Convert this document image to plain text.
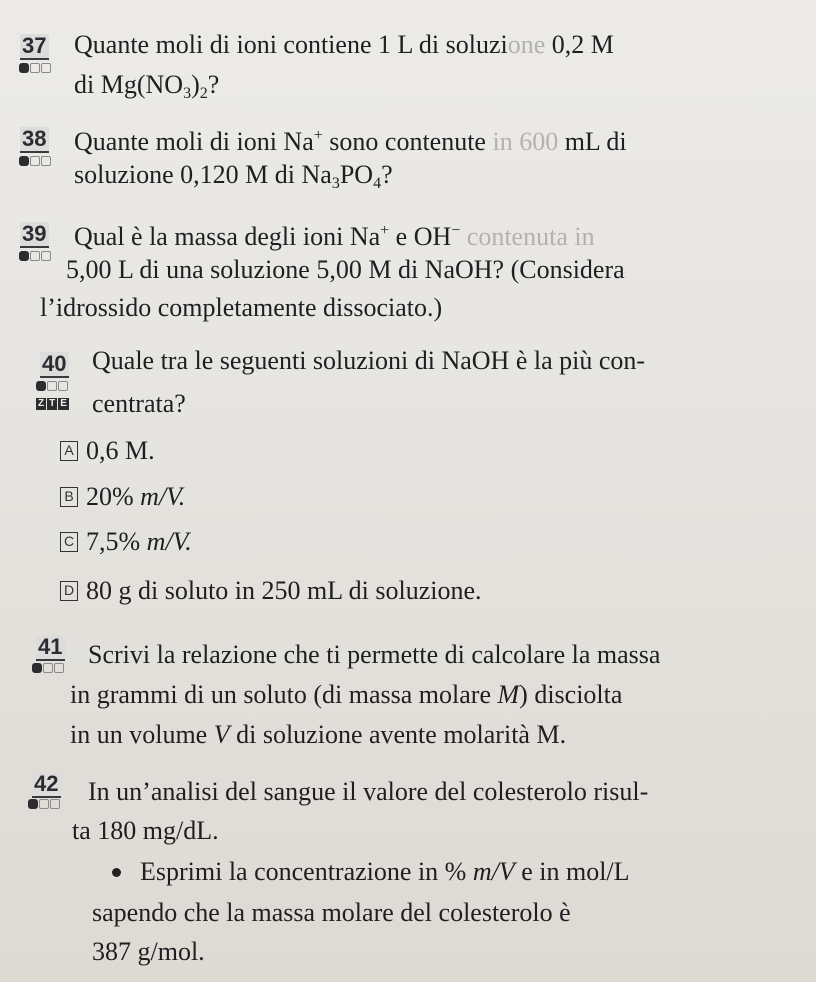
37 Quante moli di ioni contiene 1 L di soluzione 0,2 M
di $Mg(NO_3)_2$?
38 Quante moli di ioni Na+ sono contenute in 600 mL di
soluzione 0,120 M di $Na_3PO_4$?
39 Qual è la massa degli ioni Na+ e OH− contenuta in
5,00 L di una soluzione 5,00 M di NaOH? (Considera
l’idrossido completamente dissociato.)
40
Z T E
Quale tra le seguenti soluzioni di NaOH è la più con-
centrata?
A 0,6 M.
B 20% m/V.
C 7,5% m/V.
D 80 g di soluto in 250 mL di soluzione.
41 Scrivi la relazione che ti permette di calcolare la massa
in grammi di un soluto (di massa molare M) disciolta
in un volume V di soluzione avente molarità M.
42 In un’analisi del sangue il valore del colesterolo risul-
ta 180 mg/dL.
Esprimi la concentrazione in % m/V e in mol/L
sapendo che la massa molare del colesterolo è
387 g/mol.
